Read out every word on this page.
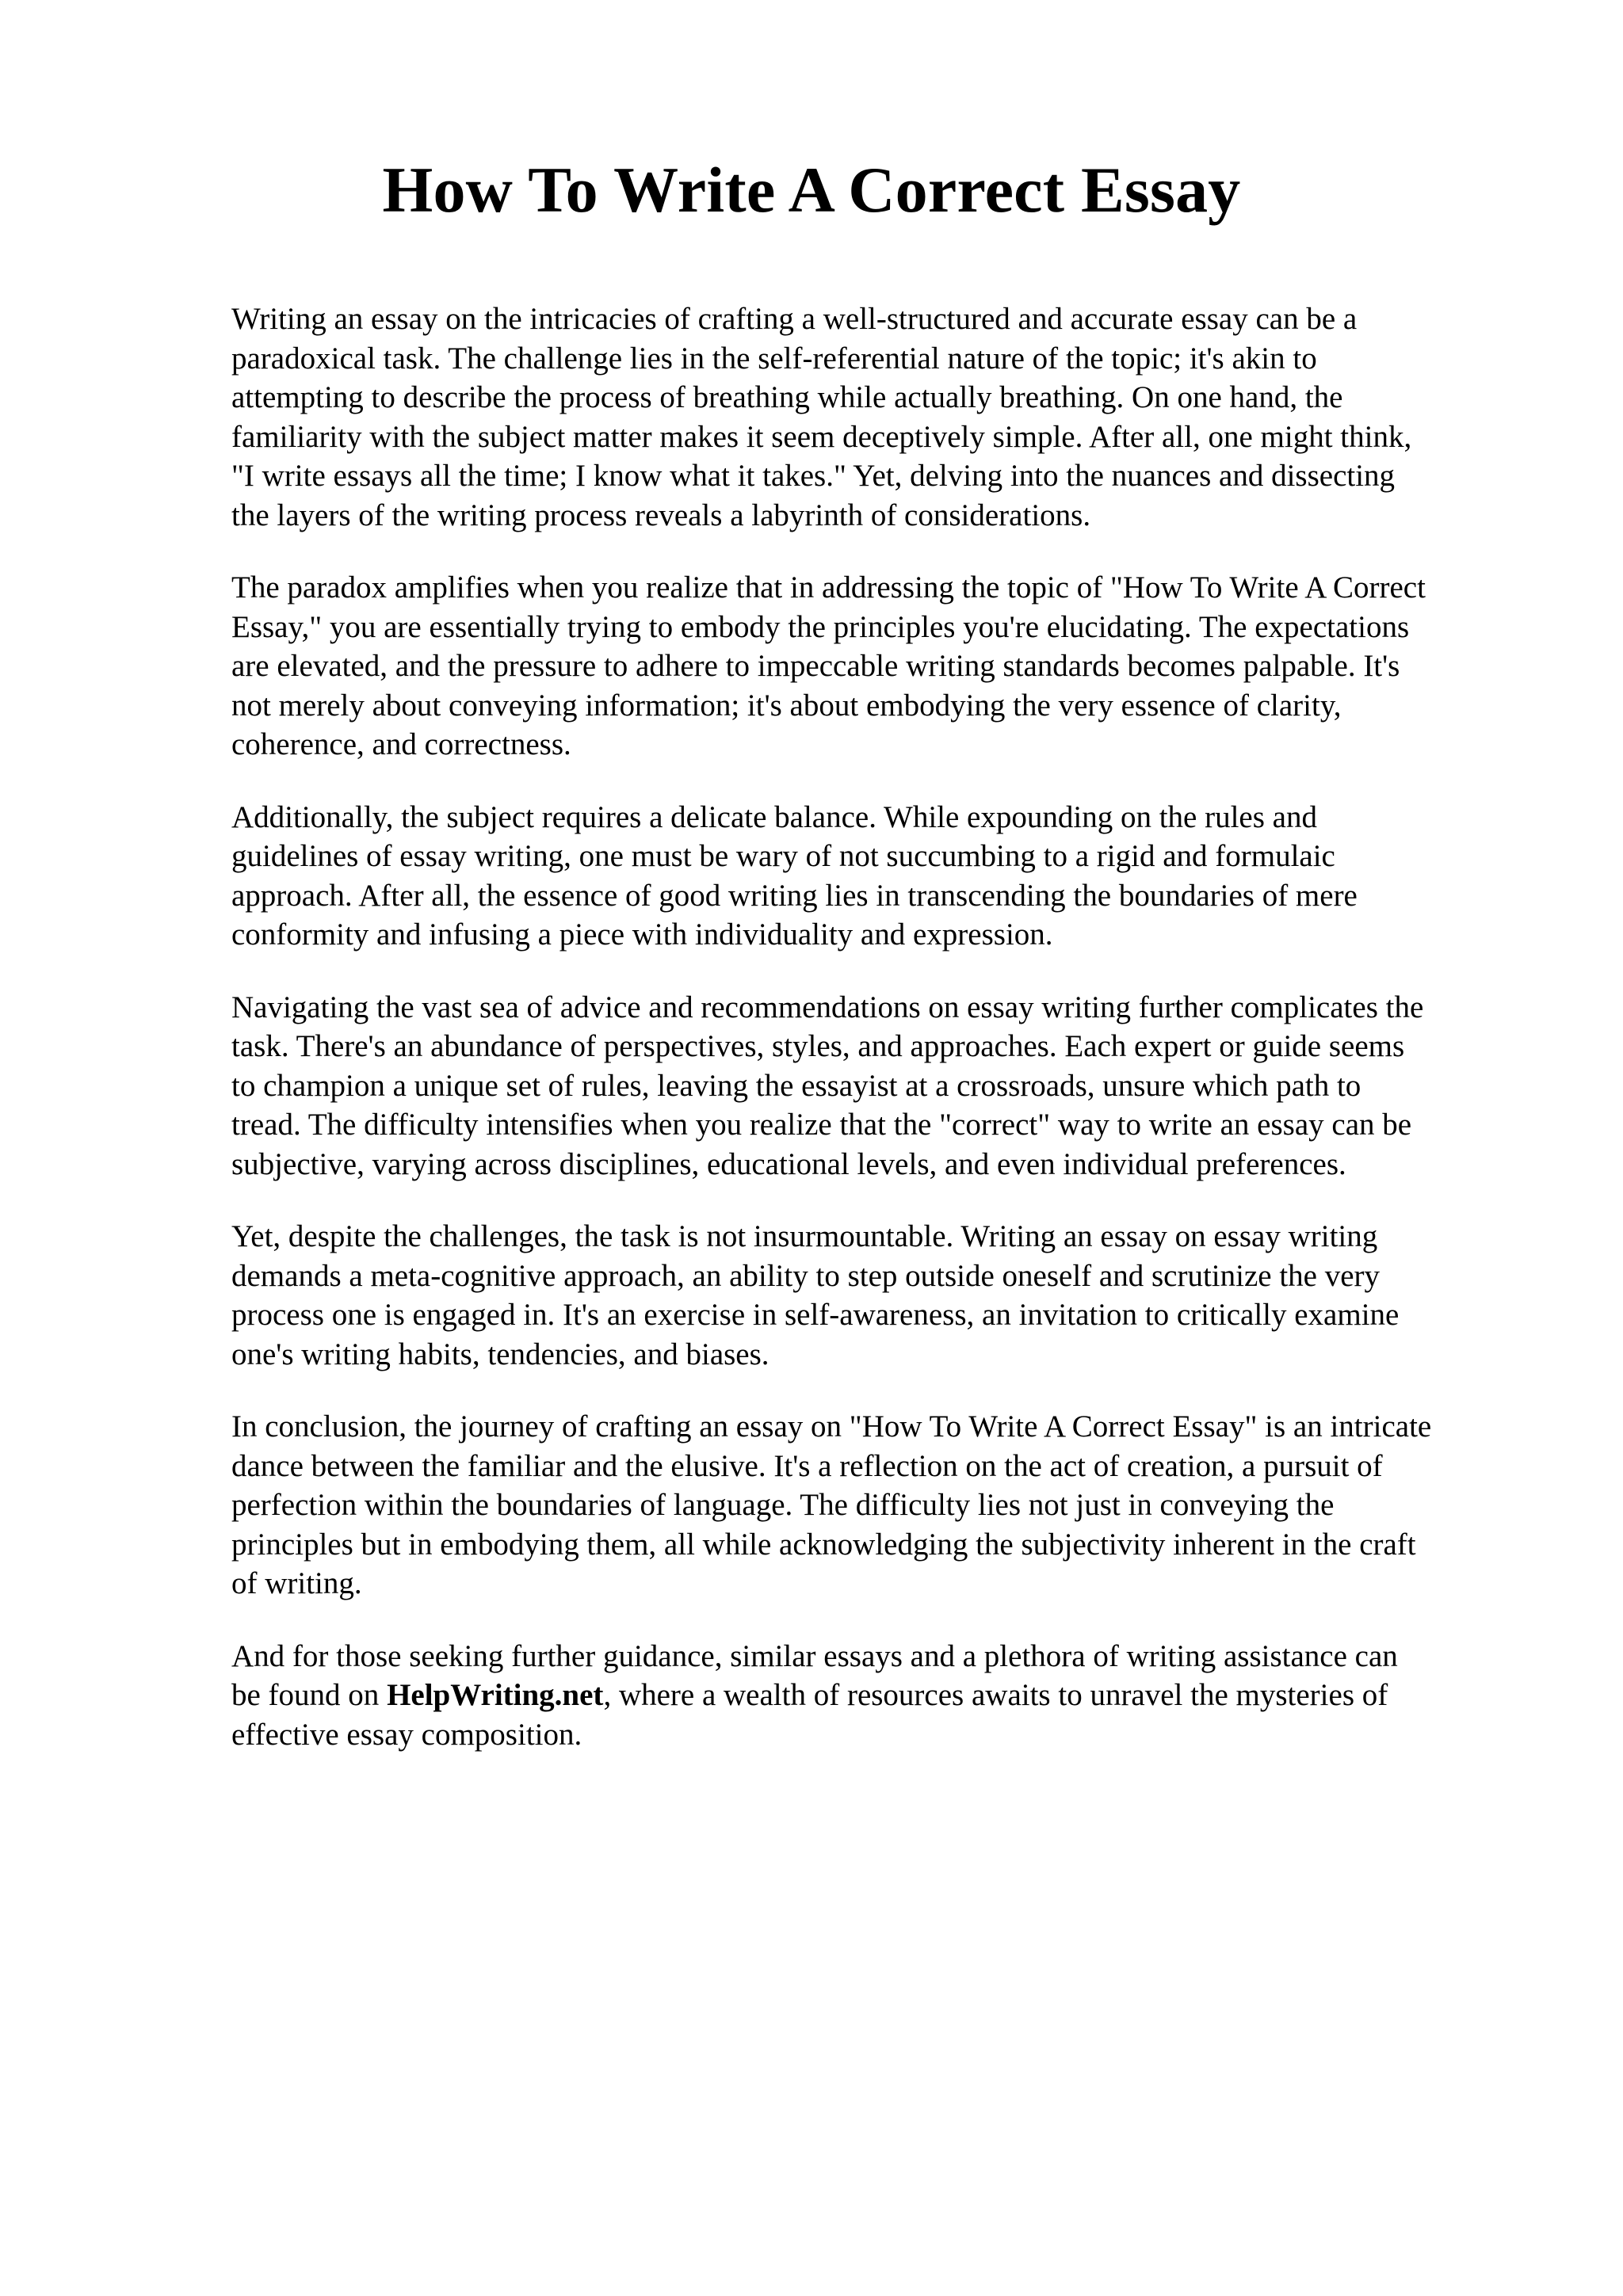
How To Write A Correct Essay

Writing an essay on the intricacies of crafting a well-structured and accurate essay can be a
paradoxical task. The challenge lies in the self-referential nature of the topic; it's akin to
attempting to describe the process of breathing while actually breathing. On one hand, the
familiarity with the subject matter makes it seem deceptively simple. After all, one might think,
"I write essays all the time; I know what it takes." Yet, delving into the nuances and dissecting
the layers of the writing process reveals a labyrinth of considerations.

The paradox amplifies when you realize that in addressing the topic of "How To Write A Correct
Essay," you are essentially trying to embody the principles you're elucidating. The expectations
are elevated, and the pressure to adhere to impeccable writing standards becomes palpable. It's
not merely about conveying information; it's about embodying the very essence of clarity,
coherence, and correctness.

Additionally, the subject requires a delicate balance. While expounding on the rules and
guidelines of essay writing, one must be wary of not succumbing to a rigid and formulaic
approach. After all, the essence of good writing lies in transcending the boundaries of mere
conformity and infusing a piece with individuality and expression.

Navigating the vast sea of advice and recommendations on essay writing further complicates the
task. There's an abundance of perspectives, styles, and approaches. Each expert or guide seems
to champion a unique set of rules, leaving the essayist at a crossroads, unsure which path to
tread. The difficulty intensifies when you realize that the "correct" way to write an essay can be
subjective, varying across disciplines, educational levels, and even individual preferences.

Yet, despite the challenges, the task is not insurmountable. Writing an essay on essay writing
demands a meta-cognitive approach, an ability to step outside oneself and scrutinize the very
process one is engaged in. It's an exercise in self-awareness, an invitation to critically examine
one's writing habits, tendencies, and biases.

In conclusion, the journey of crafting an essay on "How To Write A Correct Essay" is an intricate
dance between the familiar and the elusive. It's a reflection on the act of creation, a pursuit of
perfection within the boundaries of language. The difficulty lies not just in conveying the
principles but in embodying them, all while acknowledging the subjectivity inherent in the craft
of writing.

And for those seeking further guidance, similar essays and a plethora of writing assistance can
be found on HelpWriting.net, where a wealth of resources awaits to unravel the mysteries of
effective essay composition.
